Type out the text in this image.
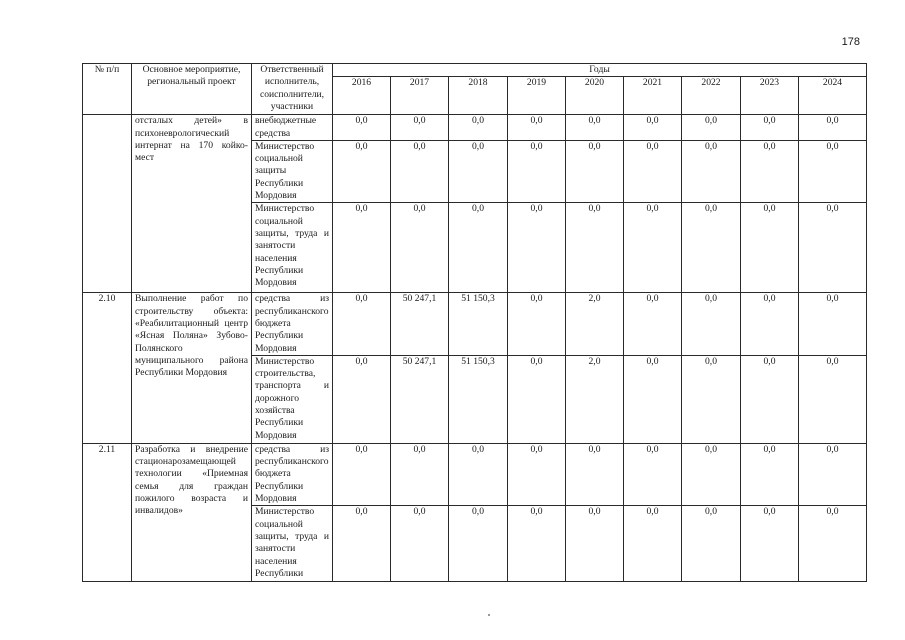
178
№ п/п	Основное мероприятие, региональный проект	Ответственный исполнитель, соисполнители, участники	Годы								
			2016	2017	2018	2019	2020	2021	2022	2023	2024
	отсталых детей» в психоневрологический интернат на 170 койко-мест	внебюджетные средства	0,0	0,0	0,0	0,0	0,0	0,0	0,0	0,0	0,0
		Министерство социальной защиты Республики Мордовия	0,0	0,0	0,0	0,0	0,0	0,0	0,0	0,0	0,0
		Министерство социальной защиты, труда и занятости населения Республики Мордовия	0,0	0,0	0,0	0,0	0,0	0,0	0,0	0,0	0,0
2.10	Выполнение работ по строительству объекта: «Реабилитационный центр «Ясная Поляна» Зубово-Полянского муниципального района Республики Мордовия	средства из республиканского бюджета Республики Мордовия	0,0	50 247,1	51 150,3	0,0	2,0	0,0	0,0	0,0	0,0
		Министерство строительства, транспорта и дорожного хозяйства Республики Мордовия	0,0	50 247,1	51 150,3	0,0	2,0	0,0	0,0	0,0	0,0
2.11	Разработка и внедрение стационарозамещающей технологии «Приемная семья для граждан пожилого возраста и инвалидов»	средства из республиканского бюджета Республики Мордовия	0,0	0,0	0,0	0,0	0,0	0,0	0,0	0,0	0,0
		Министерство социальной защиты, труда и занятости населения Республики	0,0	0,0	0,0	0,0	0,0	0,0	0,0	0,0	0,0
